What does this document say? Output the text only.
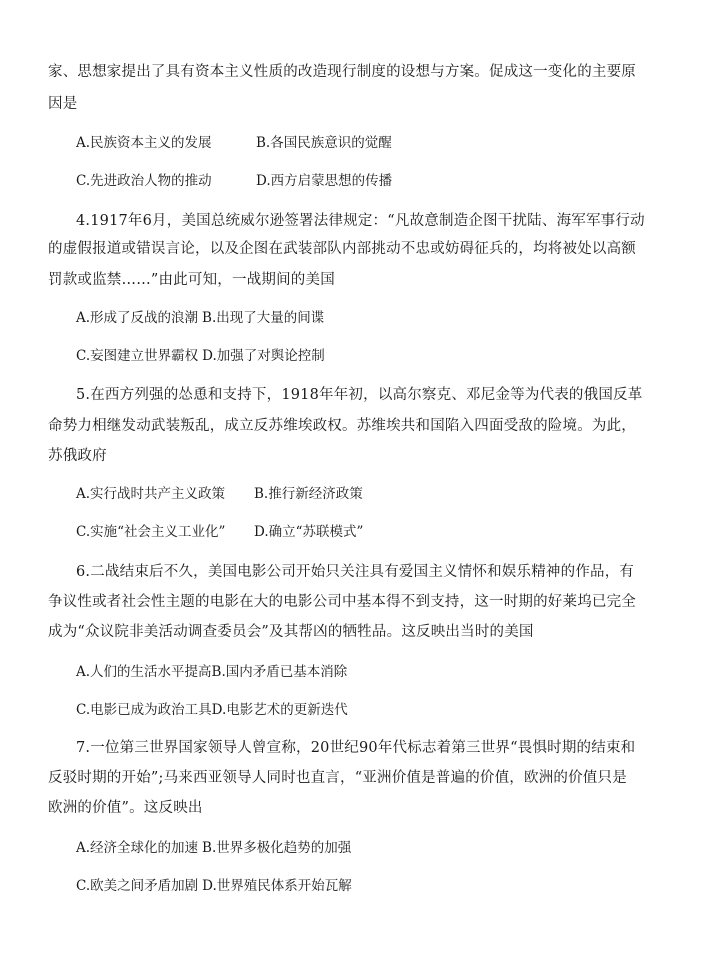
家、思想家提出了具有资本主义性质的改造现行制度的设想与方案。促成这一变化的主要原
因是
A.民族资本主义的发展	B.各国民族意识的觉醒
C.先进政治人物的推动	D.西方启蒙思想的传播
4.1917年6月，美国总统威尔逊签署法律规定：“凡故意制造企图干扰陆、海军军事行动
的虚假报道或错误言论，以及企图在武装部队内部挑动不忠或妨碍征兵的，均将被处以高额
罚款或监禁……”由此可知，一战期间的美国
A.形成了反战的浪潮 B.出现了大量的间谍
C.妄图建立世界霸权 D.加强了对舆论控制
5.在西方列强的怂恿和支持下，1918年年初，以高尔察克、邓尼金等为代表的俄国反革
命势力相继发动武装叛乱，成立反苏维埃政权。苏维埃共和国陷入四面受敌的险境。为此，
苏俄政府
A.实行战时共产主义政策 B.推行新经济政策
C.实施“社会主义工业化” D.确立“苏联模式”
6.二战结束后不久，美国电影公司开始只关注具有爱国主义情怀和娱乐精神的作品，有
争议性或者社会性主题的电影在大的电影公司中基本得不到支持，这一时期的好莱坞已完全
成为“众议院非美活动调查委员会”及其帮凶的牺牲品。这反映出当时的美国
A.人们的生活水平提高B.国内矛盾已基本消除
C.电影已成为政治工具D.电影艺术的更新迭代
7.一位第三世界国家领导人曾宣称，20世纪90年代标志着第三世界“畏惧时期的结束和
反驳时期的开始”;马来西亚领导人同时也直言，“亚洲价值是普遍的价值，欧洲的价值只是
欧洲的价值”。这反映出
A.经济全球化的加速 B.世界多极化趋势的加强
C.欧美之间矛盾加剧 D.世界殖民体系开始瓦解
